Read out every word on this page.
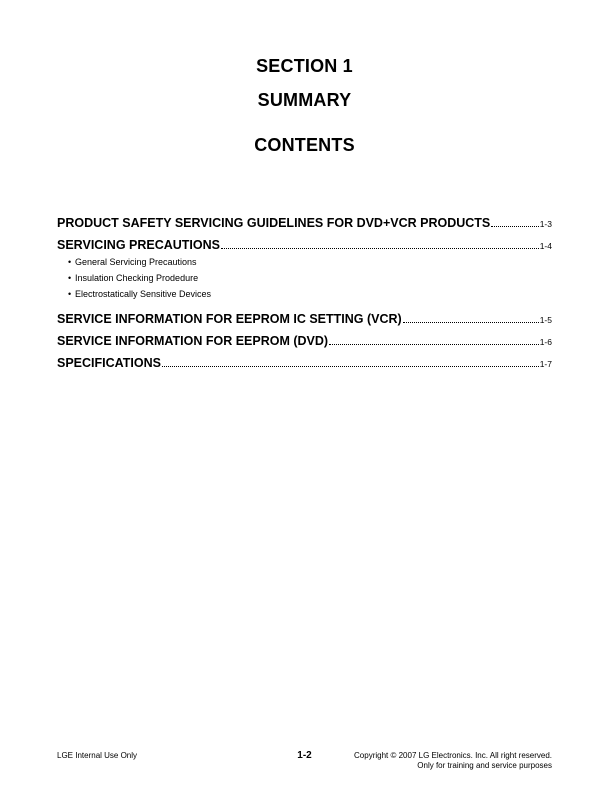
SECTION 1
SUMMARY
CONTENTS
PRODUCT SAFETY SERVICING GUIDELINES FOR DVD+VCR PRODUCTS	1-3
SERVICING PRECAUTIONS	1-4
• General Servicing Precautions
• Insulation Checking Prodedure
• Electrostatically Sensitive Devices
SERVICE INFORMATION FOR EEPROM IC SETTING (VCR)	1-5
SERVICE INFORMATION FOR EEPROM (DVD)	1-6
SPECIFICATIONS	1-7
LGE Internal Use Only	1-2	Copyright © 2007 LG Electronics. Inc. All right reserved.
Only for training and service purposes
